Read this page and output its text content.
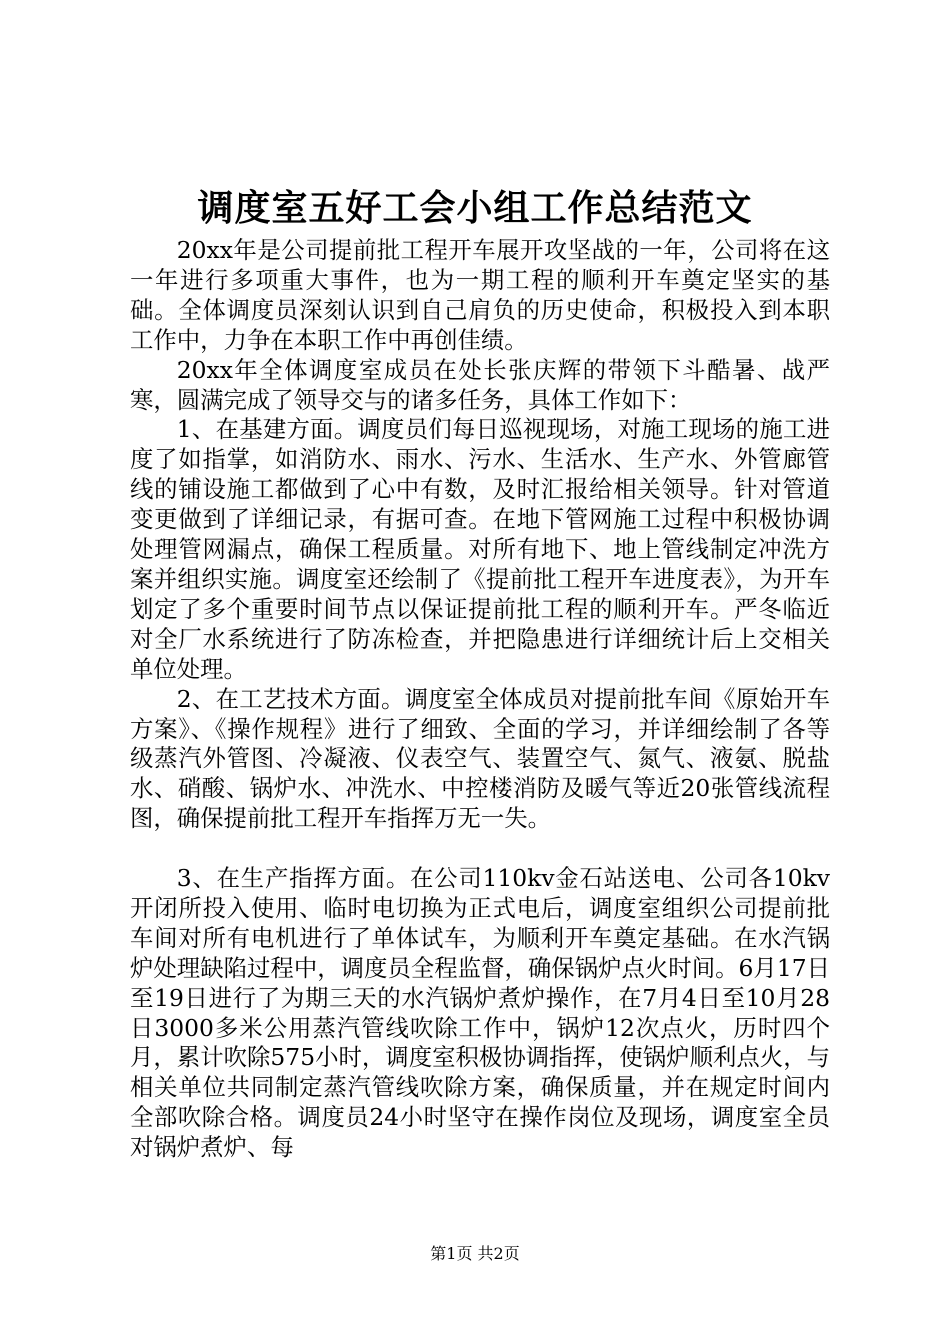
调度室五好工会小组工作总结范文

20xx年是公司提前批工程开车展开攻坚战的一年，公司将在这一年进行多项重大事件，也为一期工程的顺利开车奠定坚实的基础。全体调度员深刻认识到自己肩负的历史使命，积极投入到本职工作中，力争在本职工作中再创佳绩。

20xx年全体调度室成员在处长张庆辉的带领下斗酷暑、战严寒，圆满完成了领导交与的诸多任务，具体工作如下：

1、在基建方面。调度员们每日巡视现场，对施工现场的施工进度了如指掌，如消防水、雨水、污水、生活水、生产水、外管廊管线的铺设施工都做到了心中有数，及时汇报给相关领导。针对管道变更做到了详细记录，有据可查。在地下管网施工过程中积极协调处理管网漏点，确保工程质量。对所有地下、地上管线制定冲洗方案并组织实施。调度室还绘制了《提前批工程开车进度表》，为开车划定了多个重要时间节点以保证提前批工程的顺利开车。严冬临近对全厂水系统进行了防冻检查，并把隐患进行详细统计后上交相关单位处理。

2、在工艺技术方面。调度室全体成员对提前批车间《原始开车方案》、《操作规程》进行了细致、全面的学习，并详细绘制了各等级蒸汽外管图、冷凝液、仪表空气、装置空气、氮气、液氨、脱盐水、硝酸、锅炉水、冲洗水、中控楼消防及暖气等近20张管线流程图，确保提前批工程开车指挥万无一失。

3、在生产指挥方面。在公司110kv金石站送电、公司各10kv开闭所投入使用、临时电切换为正式电后，调度室组织公司提前批车间对所有电机进行了单体试车，为顺利开车奠定基础。在水汽锅炉处理缺陷过程中，调度员全程监督，确保锅炉点火时间。6月17日至19日进行了为期三天的水汽锅炉煮炉操作，在7月4日至10月28日3000多米公用蒸汽管线吹除工作中，锅炉12次点火，历时四个月，累计吹除575小时，调度室积极协调指挥，使锅炉顺利点火，与相关单位共同制定蒸汽管线吹除方案，确保质量，并在规定时间内全部吹除合格。调度员24小时坚守在操作岗位及现场，调度室全员对锅炉煮炉、每

第1页 共2页
